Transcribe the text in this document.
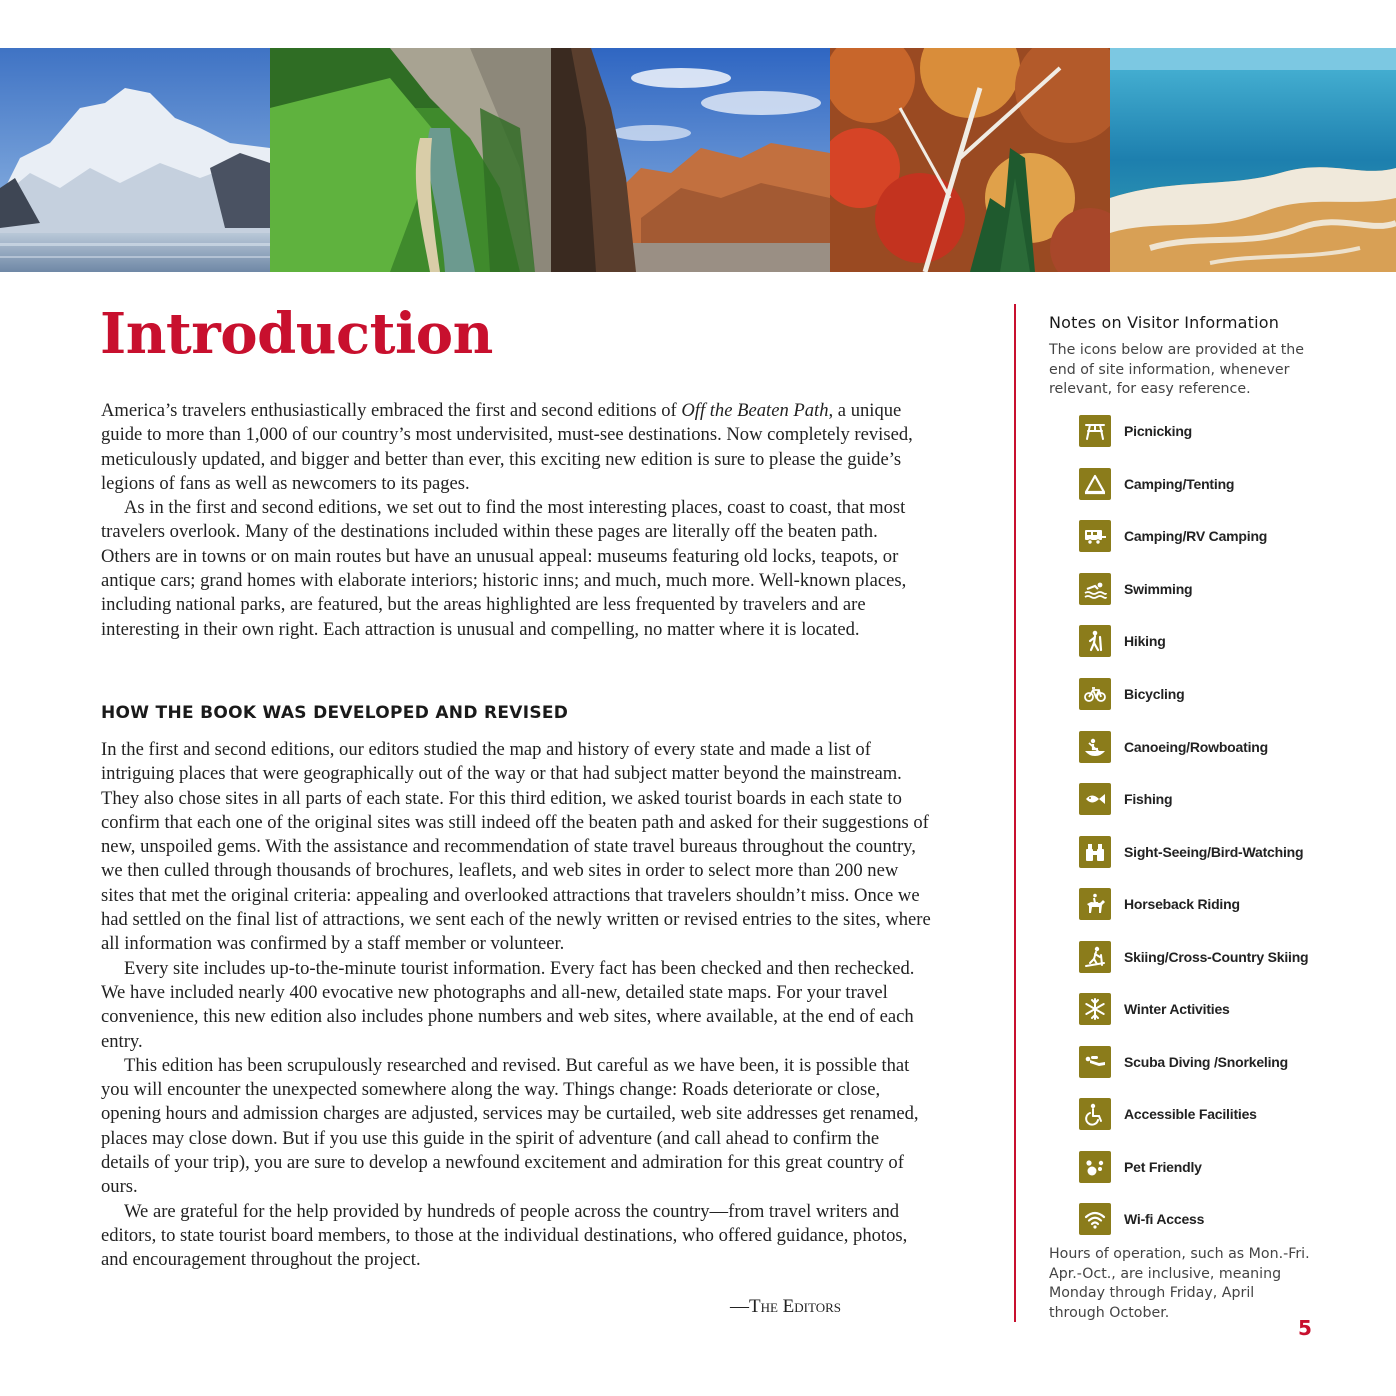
Introduction

America’s travelers enthusiastically embraced the first and second editions of Off the Beaten Path, a unique guide to more than 1,000 of our country’s most undervisited, must-see destinations. Now completely revised, meticulously updated, and bigger and better than ever, this exciting new edition is sure to please the guide’s legions of fans as well as newcomers to its pages.

As in the first and second editions, we set out to find the most interesting places, coast to coast, that most travelers overlook. Many of the destinations included within these pages are literally off the beaten path. Others are in towns or on main routes but have an unusual appeal: museums featuring old locks, teapots, or antique cars; grand homes with elaborate interiors; historic inns; and much, much more. Well-known places, including national parks, are featured, but the areas highlighted are less frequented by travelers and are interesting in their own right. Each attraction is unusual and compelling, no matter where it is located.

HOW THE BOOK WAS DEVELOPED AND REVISED

In the first and second editions, our editors studied the map and history of every state and made a list of intriguing places that were geographically out of the way or that had subject matter beyond the mainstream. They also chose sites in all parts of each state. For this third edition, we asked tourist boards in each state to confirm that each one of the original sites was still indeed off the beaten path and asked for their suggestions of new, unspoiled gems. With the assistance and recommendation of state travel bureaus throughout the country, we then culled through thousands of brochures, leaflets, and web sites in order to select more than 200 new sites that met the original criteria: appealing and overlooked attractions that travelers shouldn’t miss. Once we had settled on the final list of attractions, we sent each of the newly written or revised entries to the sites, where all information was confirmed by a staff member or volunteer.

Every site includes up-to-the-minute tourist information. Every fact has been checked and then rechecked. We have included nearly 400 evocative new photographs and all-new, detailed state maps. For your travel convenience, this new edition also includes phone numbers and web sites, where available, at the end of each entry.

This edition has been scrupulously researched and revised. But careful as we have been, it is possible that you will encounter the unexpected somewhere along the way. Things change: Roads deteriorate or close, opening hours and admission charges are adjusted, services may be curtailed, web site addresses get renamed, places may close down. But if you use this guide in the spirit of adventure (and call ahead to confirm the details of your trip), you are sure to develop a newfound excitement and admiration for this great country of ours.

We are grateful for the help provided by hundreds of people across the country—from travel writers and editors, to state tourist board members, to those at the individual destinations, who offered guidance, photos, and encouragement throughout the project.

—The Editors
Notes on Visitor Information

The icons below are provided at the end of site information, whenever relevant, for easy reference.

Picnicking
Camping/Tenting
Camping/RV Camping
Swimming
Hiking
Bicycling
Canoeing/Rowboating
Fishing
Sight-Seeing/Bird-Watching
Horseback Riding
Skiing/Cross-Country Skiing
Winter Activities
Scuba Diving /Snorkeling
Accessible Facilities
Pet Friendly
Wi-fi Access

Hours of operation, such as Mon.-Fri. Apr.-Oct., are inclusive, meaning Monday through Friday, April through October.

5
